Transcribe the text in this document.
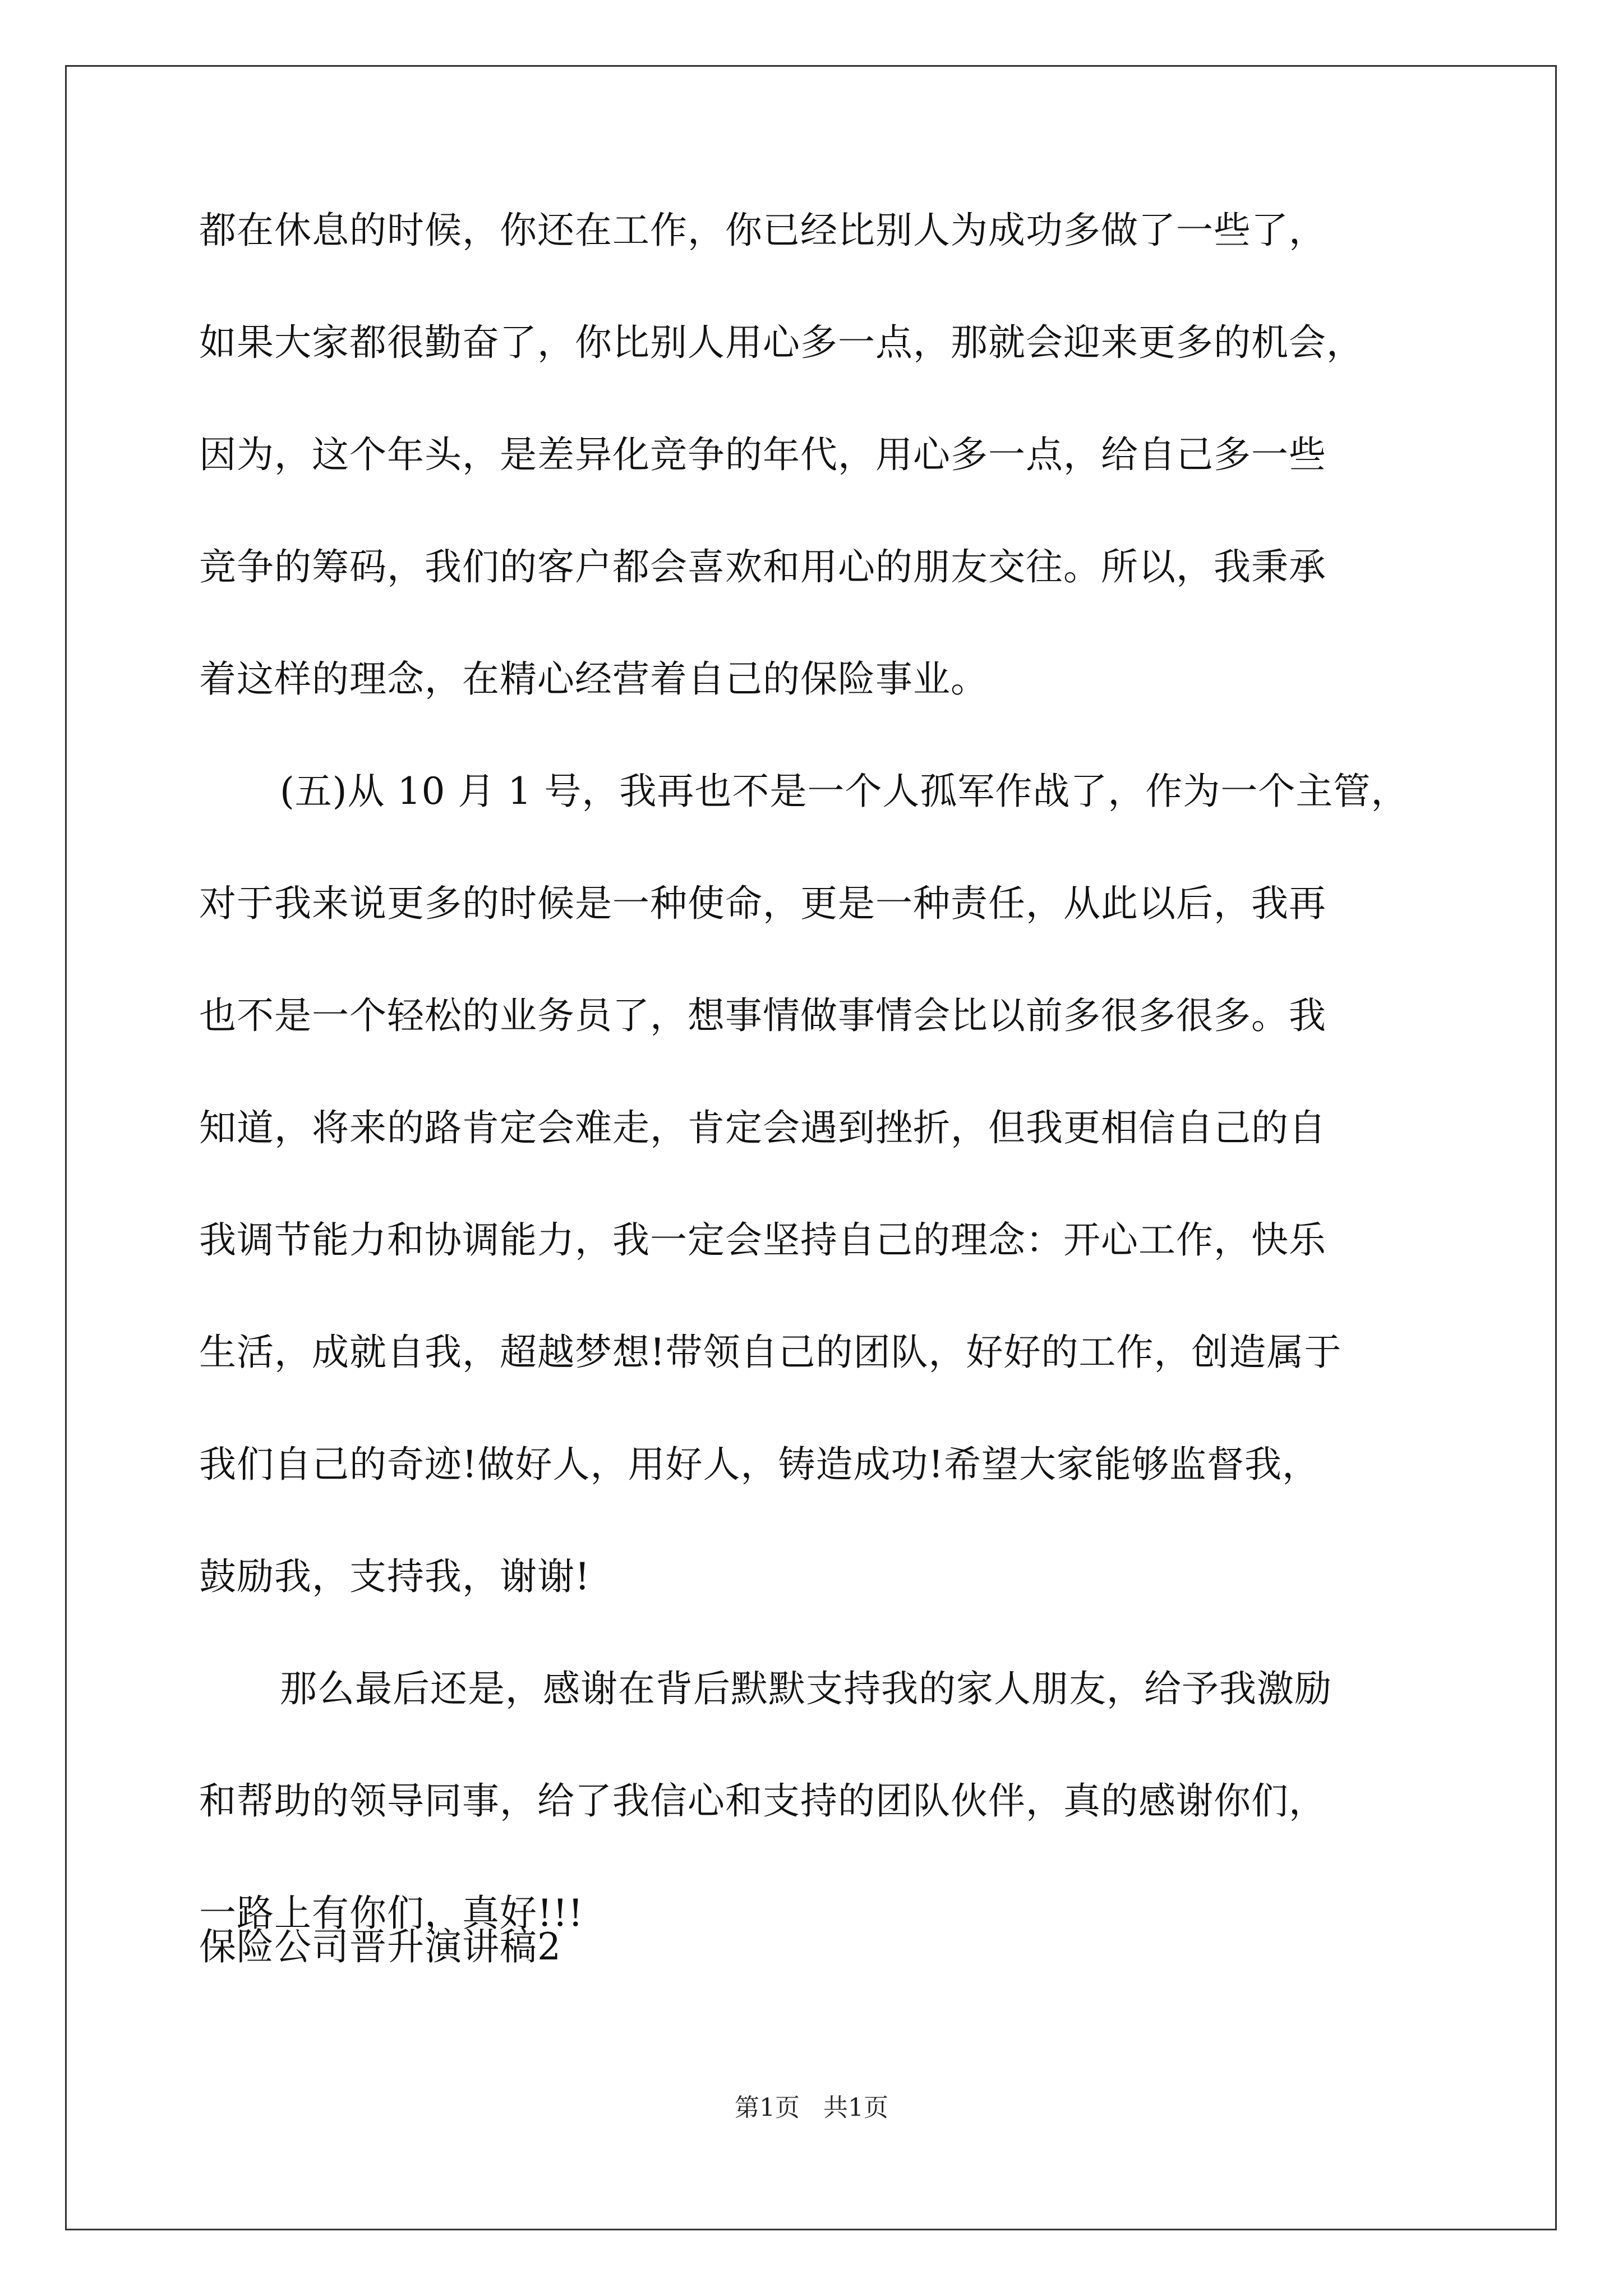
都在休息的时候，你还在工作，你已经比别人为成功多做了一些了，
如果大家都很勤奋了，你比别人用心多一点，那就会迎来更多的机会，
因为，这个年头，是差异化竞争的年代，用心多一点，给自己多一些
竞争的筹码，我们的客户都会喜欢和用心的朋友交往。所以，我秉承
着这样的理念，在精心经营着自己的保险事业。
(五)从 10 月 1 号，我再也不是一个人孤军作战了，作为一个主管，
对于我来说更多的时候是一种使命，更是一种责任，从此以后，我再
也不是一个轻松的业务员了，想事情做事情会比以前多很多很多。我
知道，将来的路肯定会难走，肯定会遇到挫折，但我更相信自己的自
我调节能力和协调能力，我一定会坚持自己的理念：开心工作，快乐
生活，成就自我，超越梦想!带领自己的团队，好好的工作，创造属于
我们自己的奇迹!做好人，用好人，铸造成功!希望大家能够监督我，
鼓励我，支持我，谢谢!
那么最后还是，感谢在背后默默支持我的家人朋友，给予我激励
和帮助的领导同事，给了我信心和支持的团队伙伴，真的感谢你们，
一路上有你们，真好!!!
保险公司晋升演讲稿2
第1页   共1页
